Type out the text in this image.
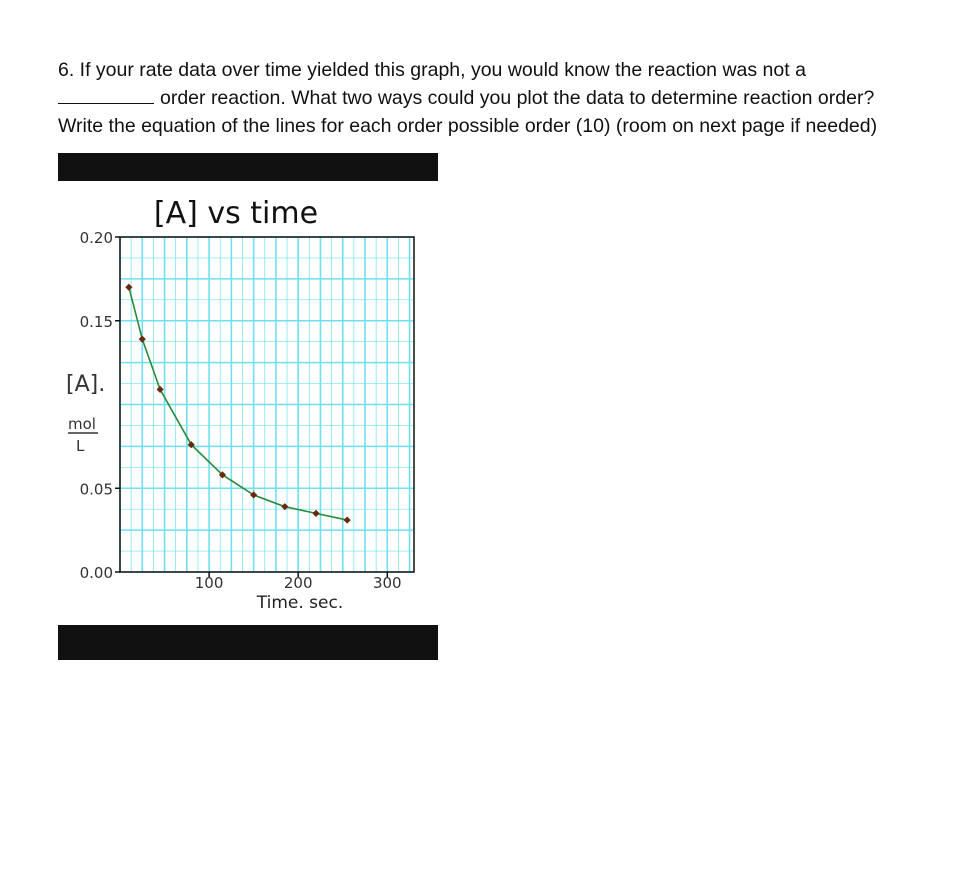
6. If your rate data over time yielded this graph, you would know the reaction was not a
order reaction. What two ways could you plot the data to determine reaction order?
Write the equation of the lines for each order possible order (10) (room on next page if needed)
0.20
0.15
0.05
0.00
[A] vs time
[A].
mol
L
Time. sec.
100	200	300
